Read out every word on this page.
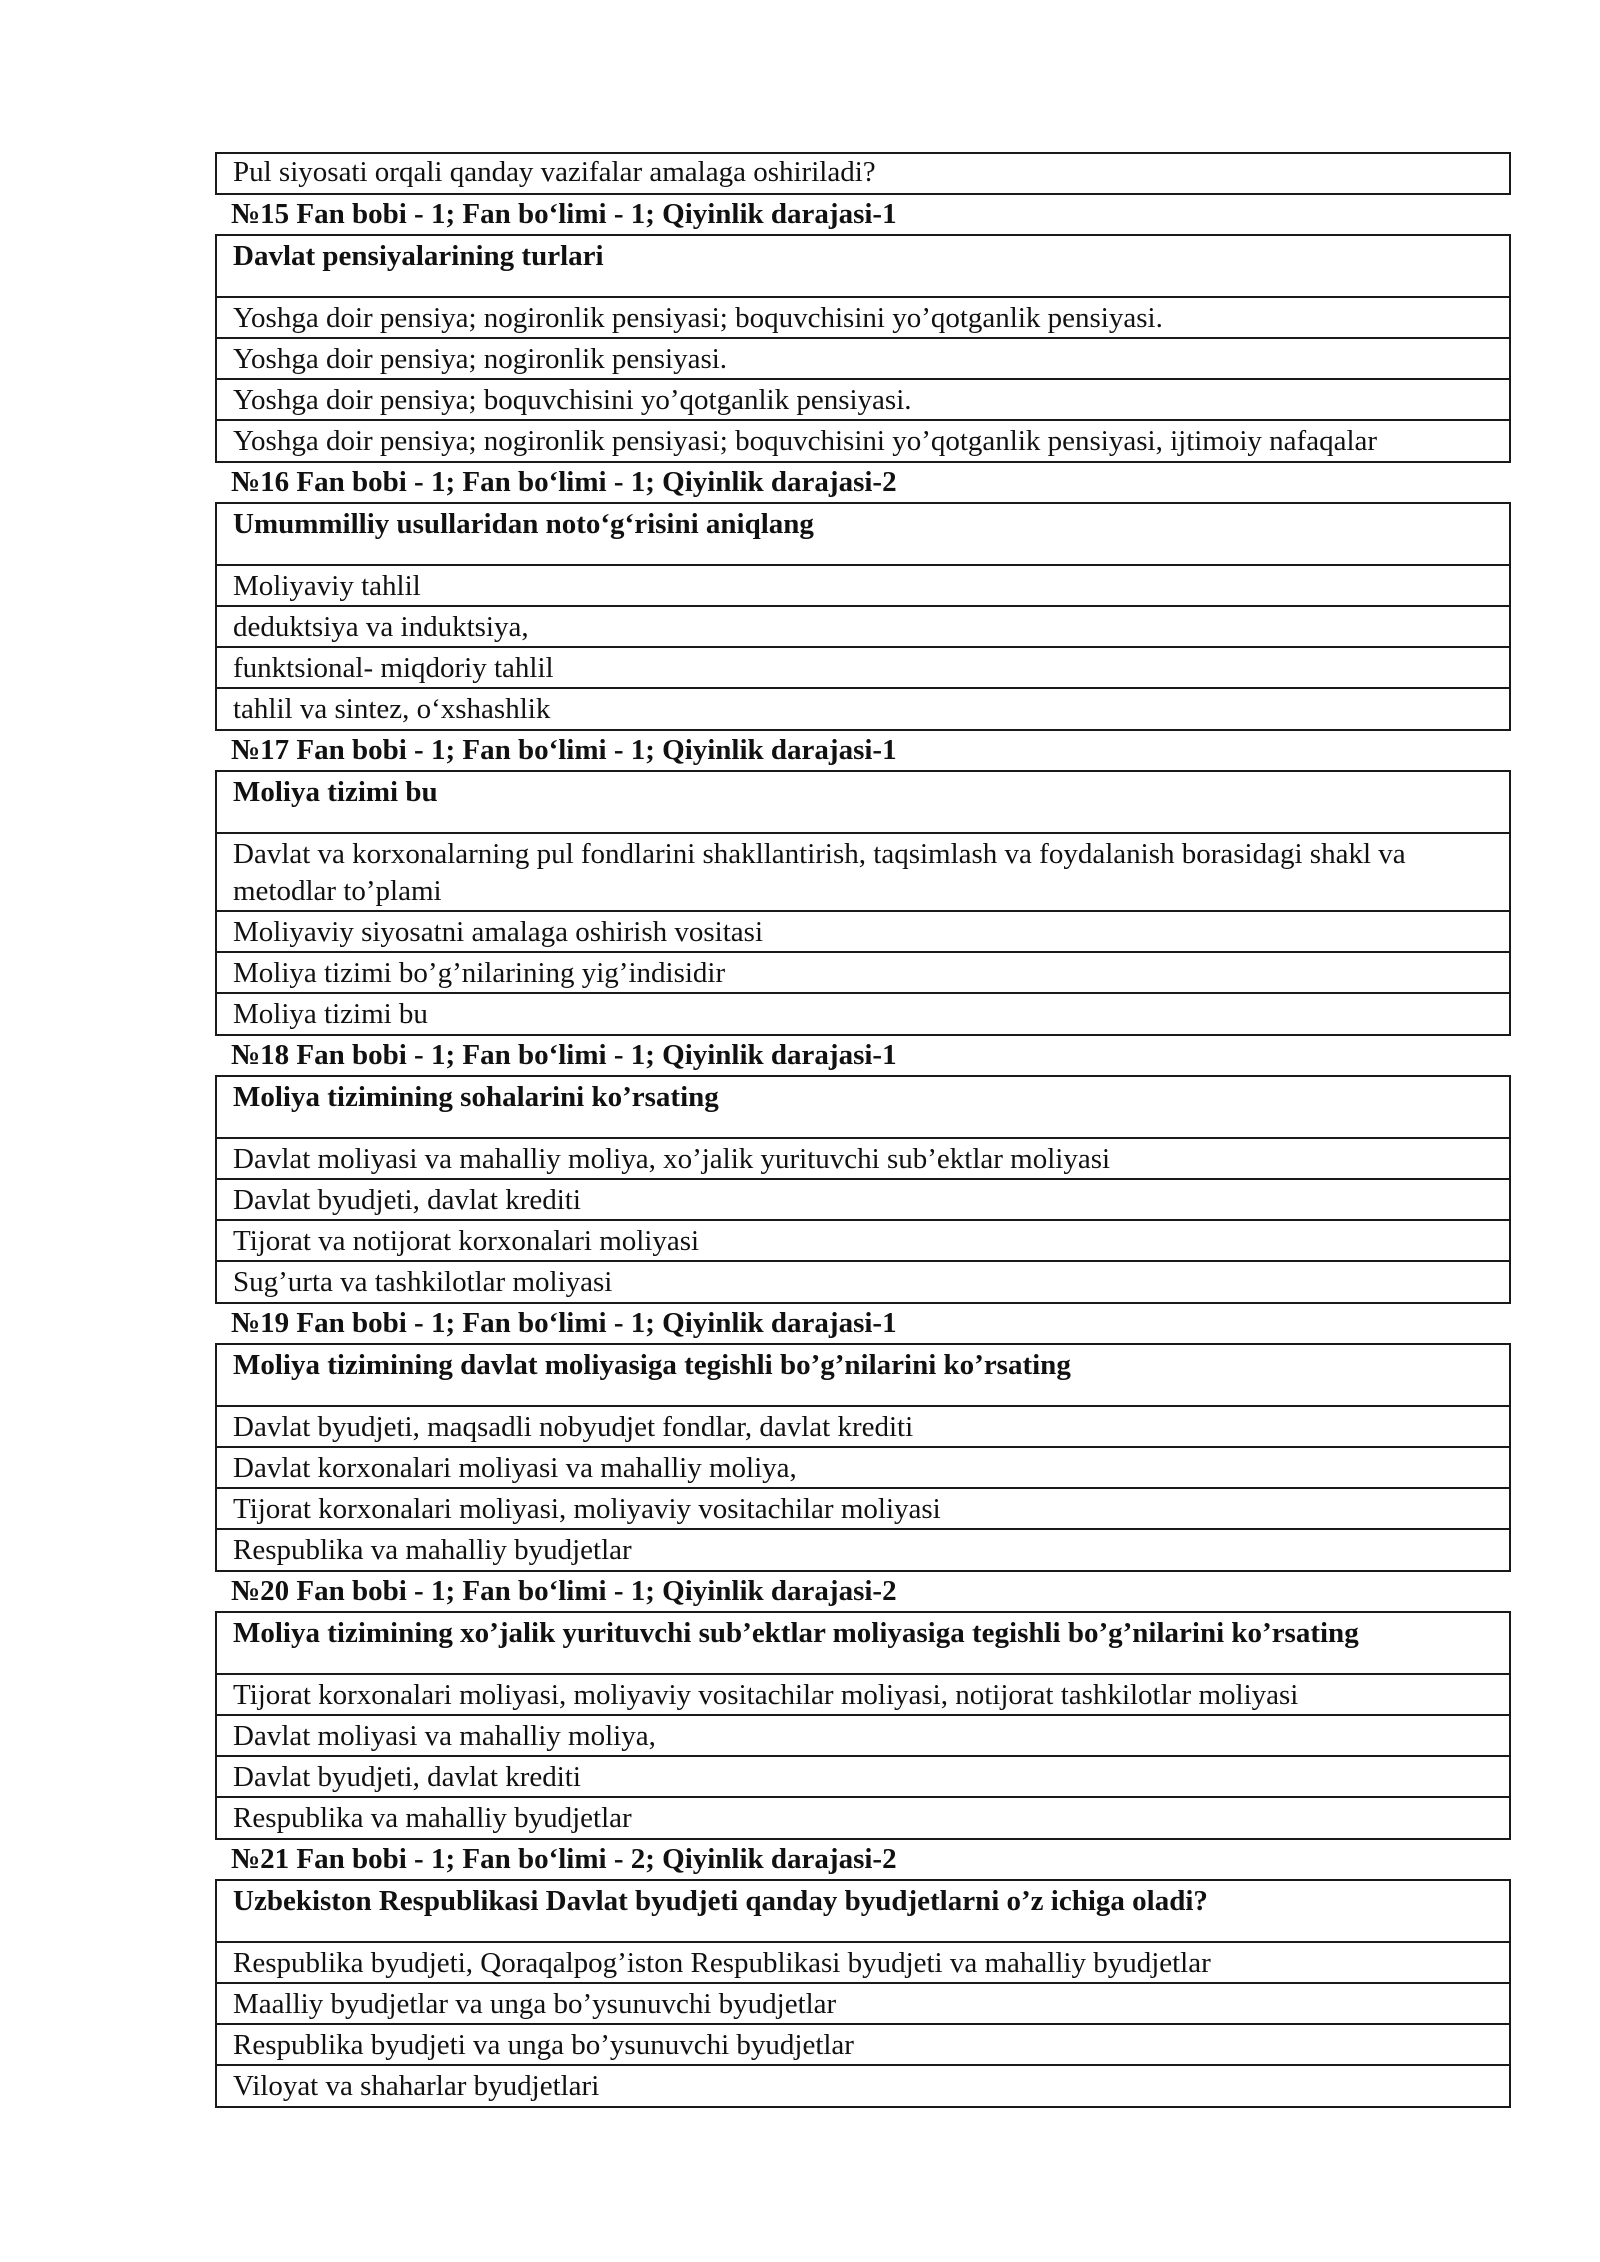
Pul siyosati orqali qanday vazifalar amalaga oshiriladi?
№15 Fan bobi - 1; Fan bo‘limi - 1; Qiyinlik darajasi-1
Davlat pensiyalarining turlari
Yoshga doir pensiya; nogironlik pensiyasi; boquvchisini yo’qotganlik pensiyasi.
Yoshga doir pensiya; nogironlik pensiyasi.
Yoshga doir pensiya; boquvchisini yo’qotganlik pensiyasi.
Yoshga doir pensiya; nogironlik pensiyasi; boquvchisini yo’qotganlik pensiyasi, ijtimoiy nafaqalar
№16 Fan bobi - 1; Fan bo‘limi - 1; Qiyinlik darajasi-2
Umummilliy usullaridan noto‘g‘risini aniqlang
Moliyaviy tahlil
deduktsiya va induktsiya,
funktsional- miqdoriy tahlil
tahlil va sintez, o‘xshashlik
№17 Fan bobi - 1; Fan bo‘limi - 1; Qiyinlik darajasi-1
Moliya tizimi bu
Davlat va korxonalarning pul fondlarini shakllantirish, taqsimlash va foydalanish borasidagi shakl va metodlar to’plami
Moliyaviy siyosatni amalaga oshirish vositasi
Moliya tizimi bo’g’nilarining yig’indisidir
Moliya tizimi bu
№18 Fan bobi - 1; Fan bo‘limi - 1; Qiyinlik darajasi-1
Moliya tizimining sohalarini ko’rsating
Davlat moliyasi va mahalliy moliya, xo’jalik yurituvchi sub’ektlar moliyasi
Davlat byudjeti, davlat krediti
Tijorat va notijorat korxonalari moliyasi
Sug’urta va tashkilotlar moliyasi
№19 Fan bobi - 1; Fan bo‘limi - 1; Qiyinlik darajasi-1
Moliya tizimining davlat moliyasiga tegishli bo’g’nilarini ko’rsating
Davlat byudjeti, maqsadli nobyudjet fondlar, davlat krediti
Davlat korxonalari moliyasi va mahalliy moliya,
Tijorat korxonalari moliyasi, moliyaviy vositachilar moliyasi
Respublika va mahalliy byudjetlar
№20 Fan bobi - 1; Fan bo‘limi - 1; Qiyinlik darajasi-2
Moliya tizimining xo’jalik yurituvchi sub’ektlar moliyasiga tegishli bo’g’nilarini ko’rsating
Tijorat korxonalari moliyasi, moliyaviy vositachilar moliyasi, notijorat tashkilotlar moliyasi
Davlat moliyasi va mahalliy moliya,
Davlat byudjeti, davlat krediti
Respublika va mahalliy byudjetlar
№21 Fan bobi - 1; Fan bo‘limi - 2; Qiyinlik darajasi-2
Uzbekiston Respublikasi Davlat byudjeti qanday byudjetlarni o’z ichiga oladi?
Respublika byudjeti, Qoraqalpog’iston Respublikasi byudjeti va mahalliy byudjetlar
Maalliy byudjetlar va unga bo’ysunuvchi byudjetlar
Respublika byudjeti va unga bo’ysunuvchi byudjetlar
Viloyat va shaharlar byudjetlari
